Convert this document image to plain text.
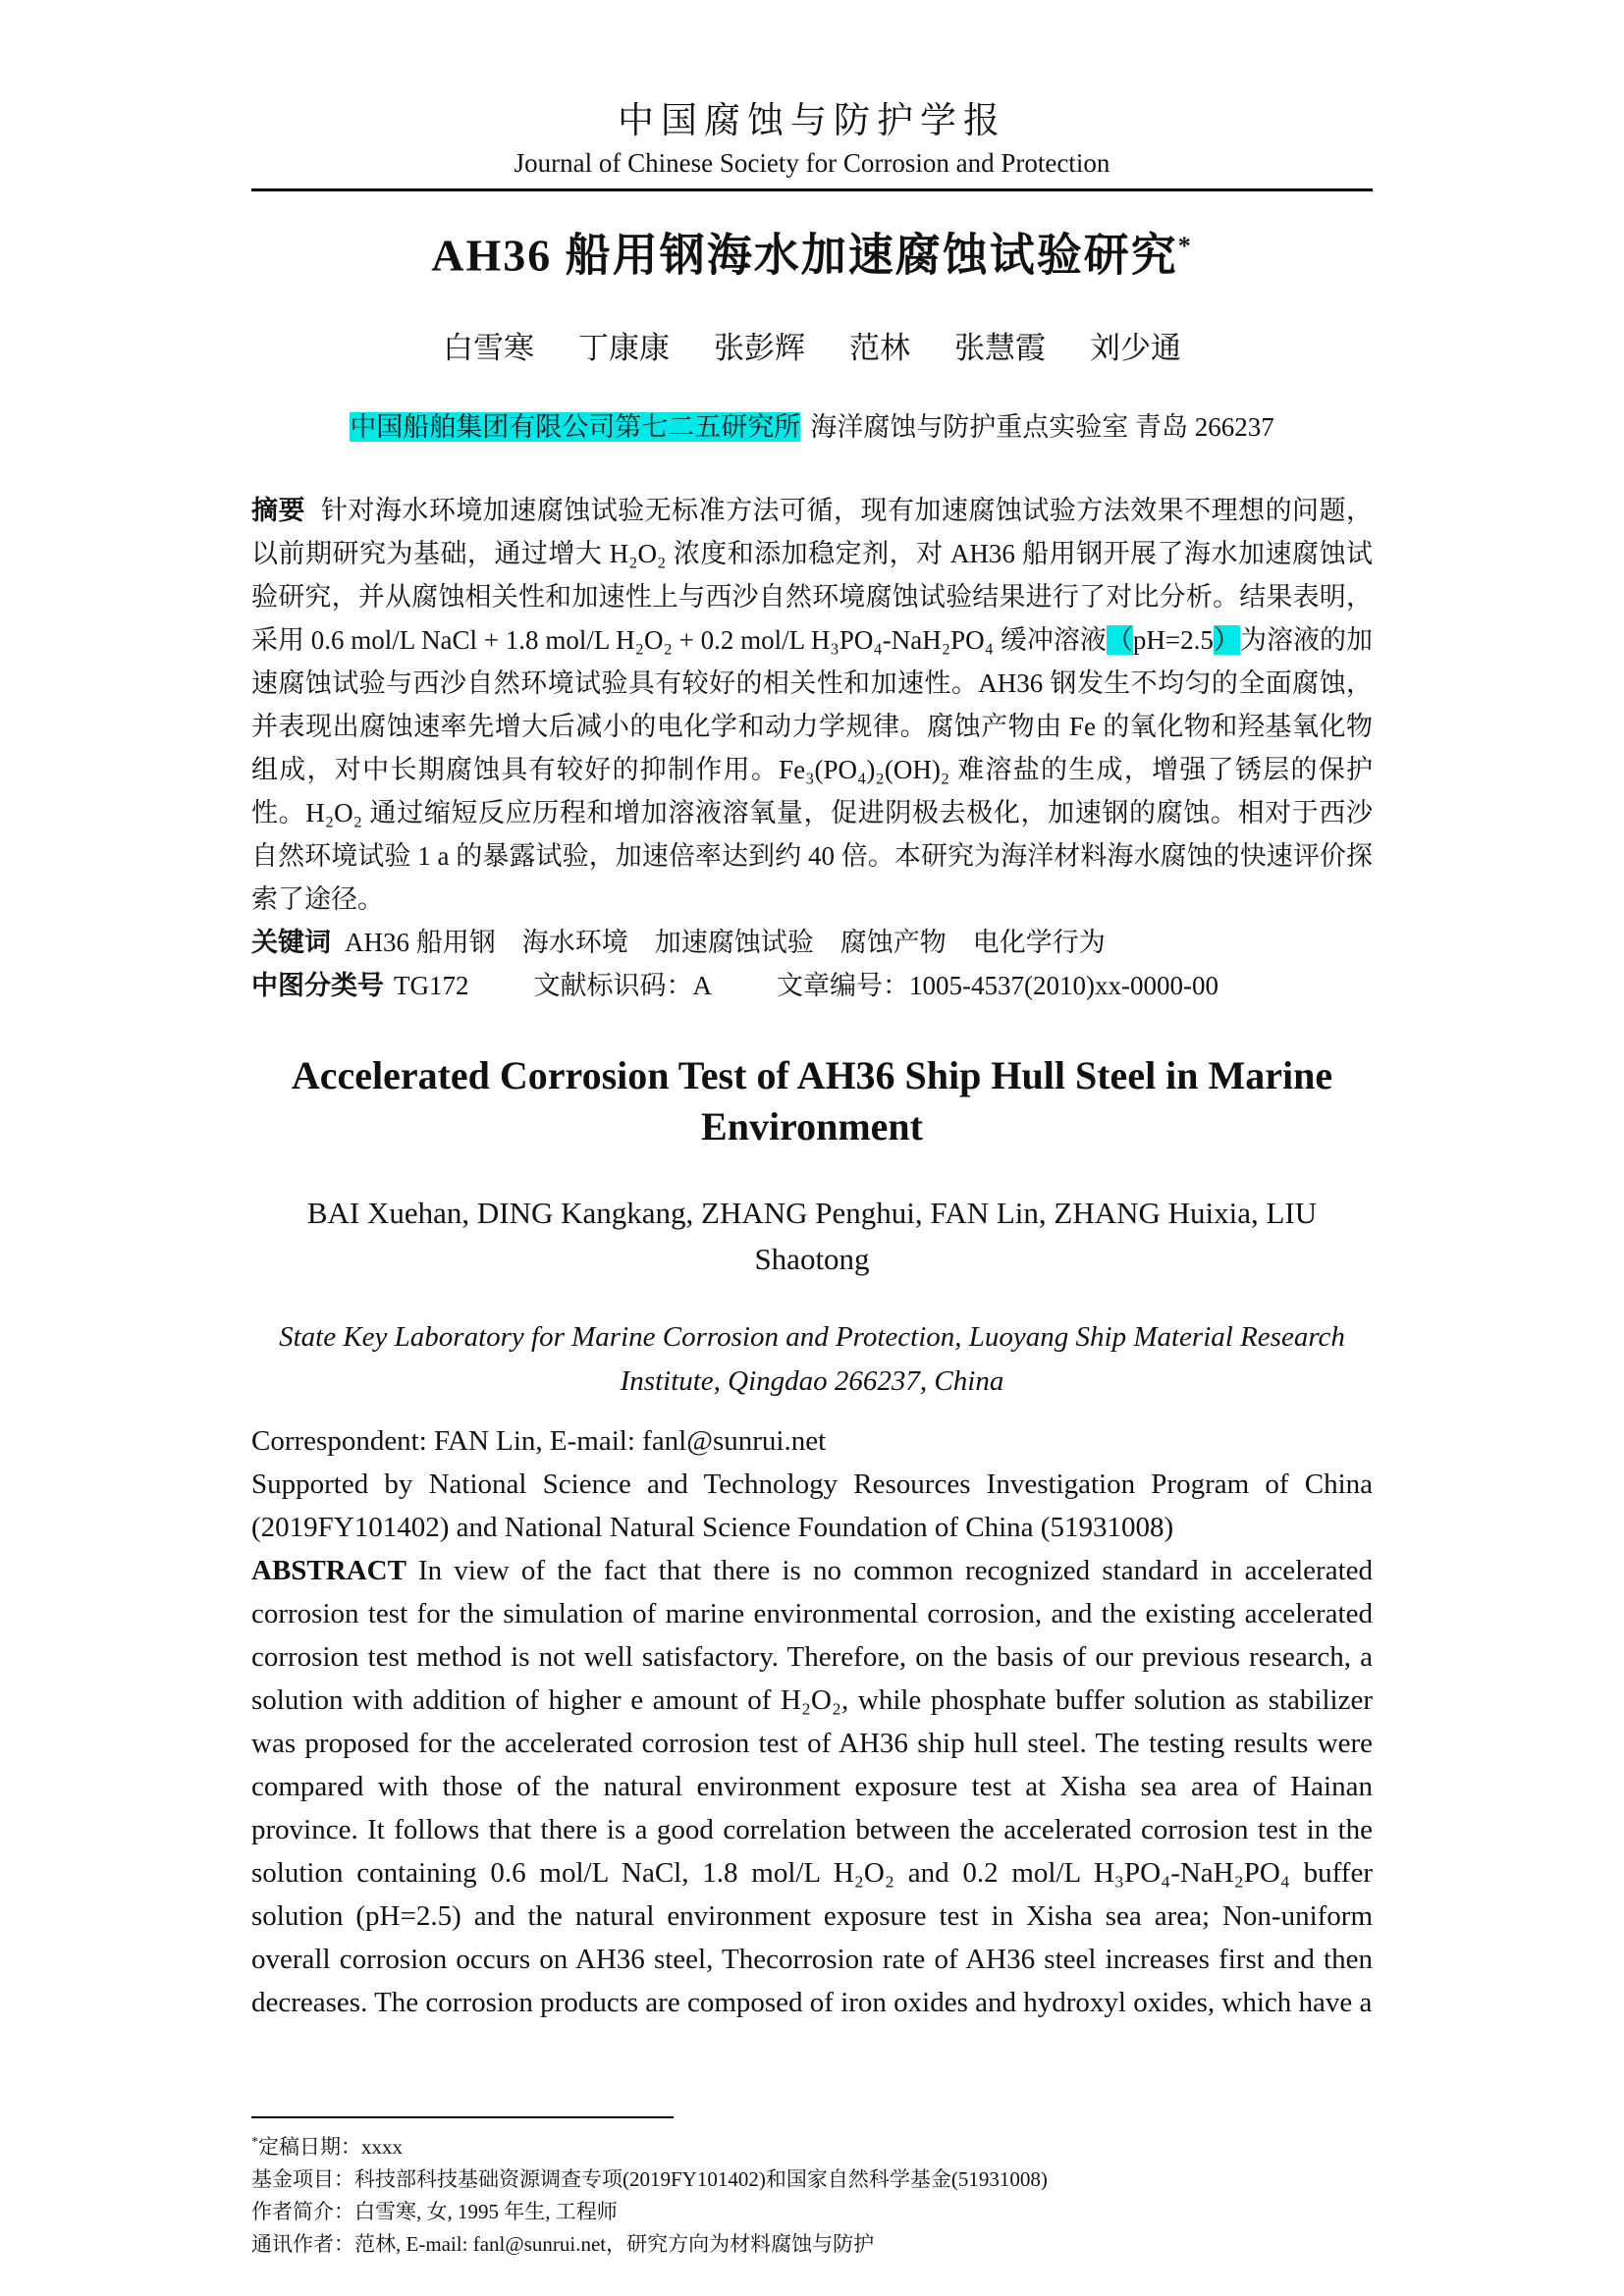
中国腐蚀与防护学报
Journal of Chinese Society for Corrosion and Protection
AH36 船用钢海水加速腐蚀试验研究*
白雪寒 丁康康 张彭辉 范林 张慧霞 刘少通
中国船舶集团有限公司第七二五研究所 海洋腐蚀与防护重点实验室 青岛 266237

摘要 针对海水环境加速腐蚀试验无标准方法可循，现有加速腐蚀试验方法效果不理想的问题，以前期研究为基础，通过增大 H₂O₂ 浓度和添加稳定剂，对 AH36 船用钢开展了海水加速腐蚀试验研究，并从腐蚀相关性和加速性上与西沙自然环境腐蚀试验结果进行了对比分析。结果表明，采用 0.6 mol/L NaCl + 1.8 mol/L H₂O₂ + 0.2 mol/L H₃PO₄-NaH₂PO₄ 缓冲溶液（pH=2.5）为溶液的加速腐蚀试验与西沙自然环境试验具有较好的相关性和加速性。AH36 钢发生不均匀的全面腐蚀，并表现出腐蚀速率先增大后减小的电化学和动力学规律。腐蚀产物由 Fe 的氧化物和羟基氧化物组成，对中长期腐蚀具有较好的抑制作用。Fe₃(PO₄)₂(OH)₂ 难溶盐的生成，增强了锈层的保护性。H₂O₂ 通过缩短反应历程和增加溶液溶氧量，促进阴极去极化，加速钢的腐蚀。相对于西沙自然环境试验 1 a 的暴露试验，加速倍率达到约 40 倍。本研究为海洋材料海水腐蚀的快速评价探索了途径。

关键词 AH36 船用钢　海水环境　加速腐蚀试验　腐蚀产物　电化学行为

中图分类号 TG172 文献标识码：A 文章编号：1005-4537(2010)xx-0000-00

Accelerated Corrosion Test of AH36 Ship Hull Steel in Marine Environment
BAI Xuehan, DING Kangkang, ZHANG Penghui, FAN Lin, ZHANG Huixia, LIU Shaotong
State Key Laboratory for Marine Corrosion and Protection, Luoyang Ship Material Research Institute, Qingdao 266237, China

Correspondent: FAN Lin, E-mail: fanl@sunrui.net

Supported by National Science and Technology Resources Investigation Program of China (2019FY101402) and National Natural Science Foundation of China (51931008)

ABSTRACT In view of the fact that there is no common recognized standard in accelerated corrosion test for the simulation of marine environmental corrosion, and the existing accelerated corrosion test method is not well satisfactory. Therefore, on the basis of our previous research, a solution with addition of higher e amount of H₂O₂, while phosphate buffer solution as stabilizer was proposed for the accelerated corrosion test of AH36 ship hull steel. The testing results were compared with those of the natural environment exposure test at Xisha sea area of Hainan province. It follows that there is a good correlation between the accelerated corrosion test in the solution containing 0.6 mol/L NaCl, 1.8 mol/L H₂O₂ and 0.2 mol/L H₃PO₄-NaH₂PO₄ buffer solution (pH=2.5) and the natural environment exposure test in Xisha sea area; Non-uniform overall corrosion occurs on AH36 steel, Thecorrosion rate of AH36 steel increases first and then decreases. The corrosion products are composed of iron oxides and hydroxyl oxides, which have a

*定稿日期：xxxx

基金项目：科技部科技基础资源调查专项(2019FY101402)和国家自然科学基金(51931008)

作者简介：白雪寒, 女, 1995 年生, 工程师

通讯作者：范林, E-mail: fanl@sunrui.net，研究方向为材料腐蚀与防护
